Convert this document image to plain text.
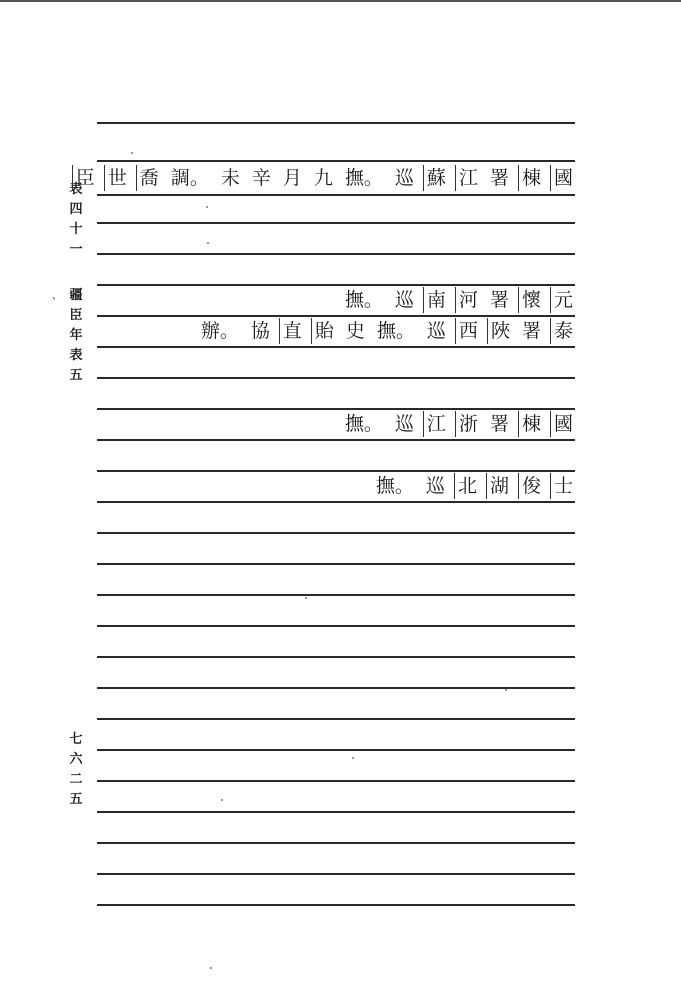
表
四
十
一
、 疆
臣
年
表
五
七
六
二
五
臣 世 喬 調。 未 辛 月 九 撫。 巡 蘇 江 署 棟 國
撫。 巡 南 河 署 懷 元
辦。 協 直 貽 史 撫。 巡 西 陜 署 泰
撫。 巡 江 浙 署 棟 國
撫。 巡 北 湖 俊 士
